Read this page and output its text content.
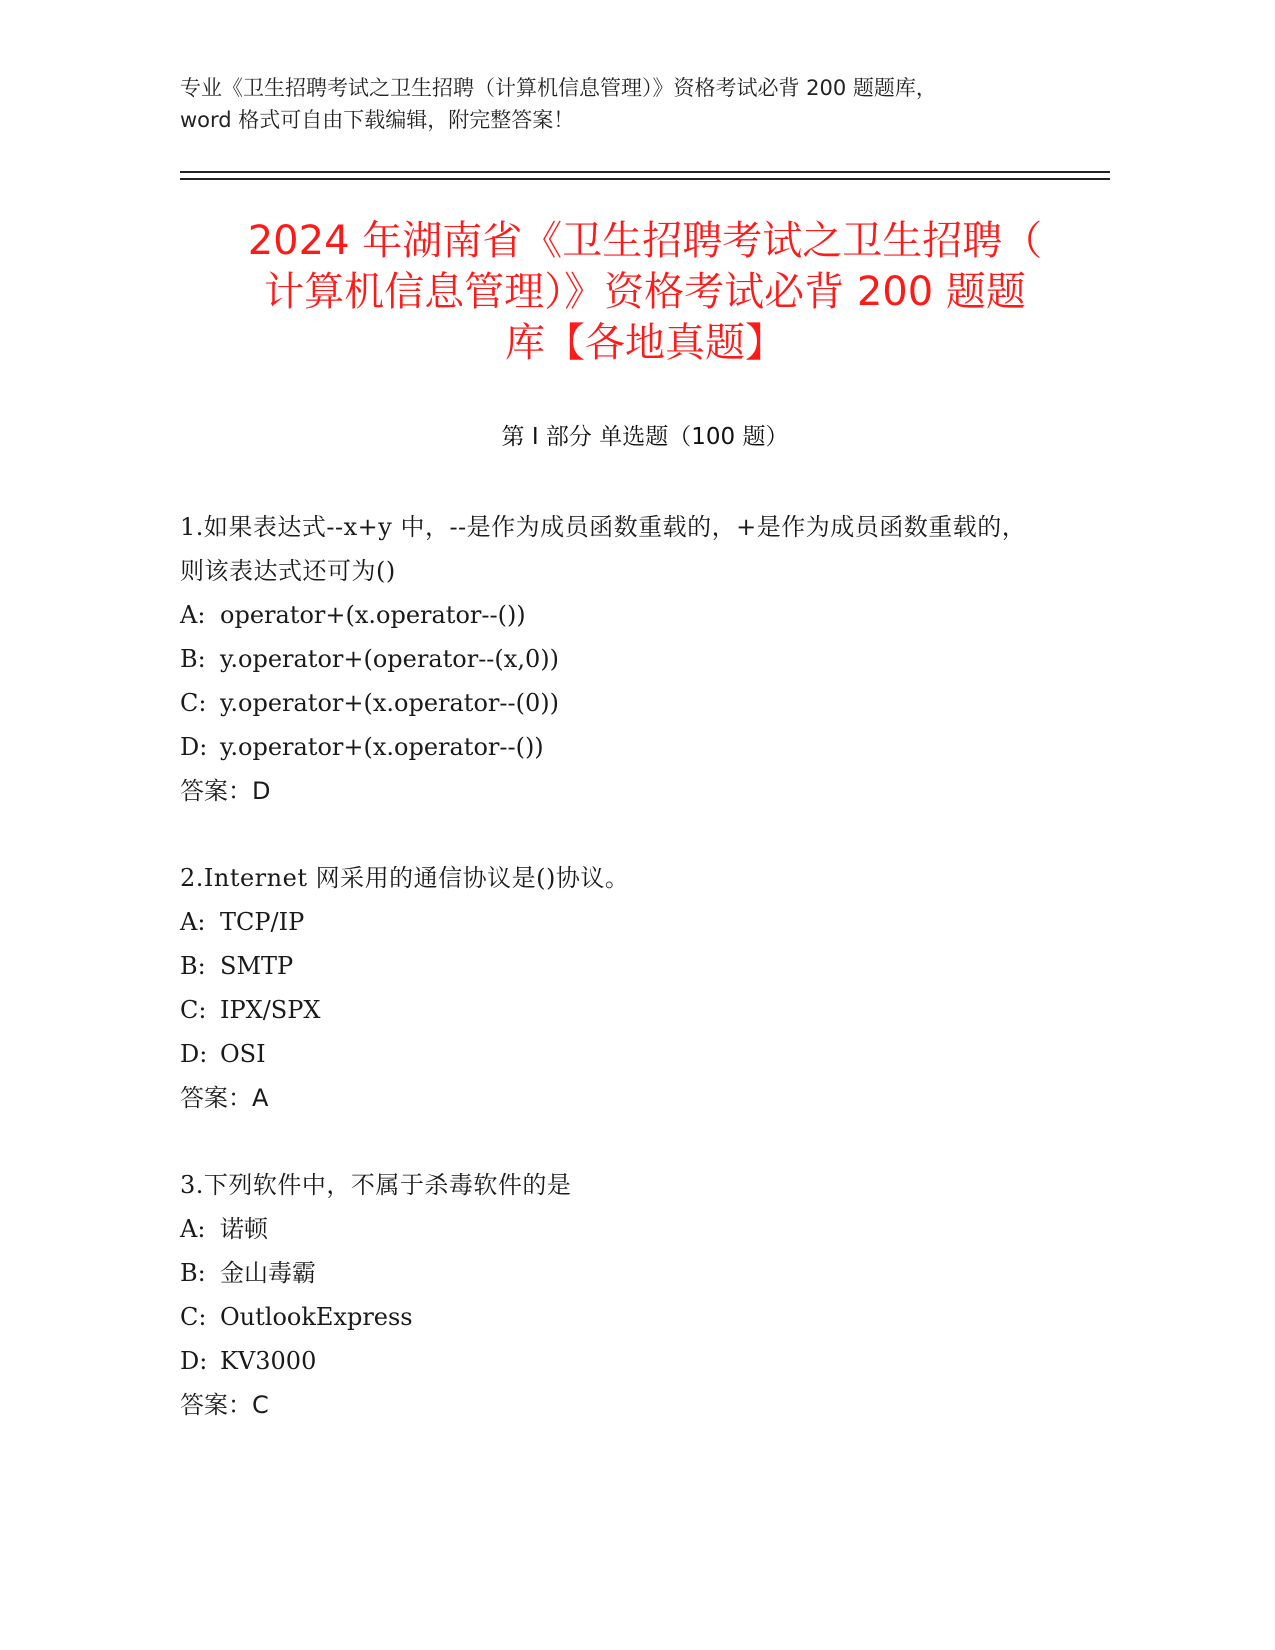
专业《卫生招聘考试之卫生招聘（计算机信息管理）》资格考试必背 200 题题库，
word 格式可自由下载编辑，附完整答案！
2024 年湖南省《卫生招聘考试之卫生招聘（
计算机信息管理）》资格考试必背 200 题题
库【各地真题】
第 I 部分 单选题（100 题）
1.如果表达式--x+y 中，--是作为成员函数重载的，+是作为成员函数重载的，则该表达式还可为()
A: operator+(x.operator--())
B: y.operator+(operator--(x,0))
C: y.operator+(x.operator--(0))
D: y.operator+(x.operator--())
答案：D
2.Internet 网采用的通信协议是()协议。
A: TCP/IP
B: SMTP
C: IPX/SPX
D: OSI
答案：A
3.下列软件中，不属于杀毒软件的是
A: 诺顿
B: 金山毒霸
C: OutlookExpress
D: KV3000
答案：C
